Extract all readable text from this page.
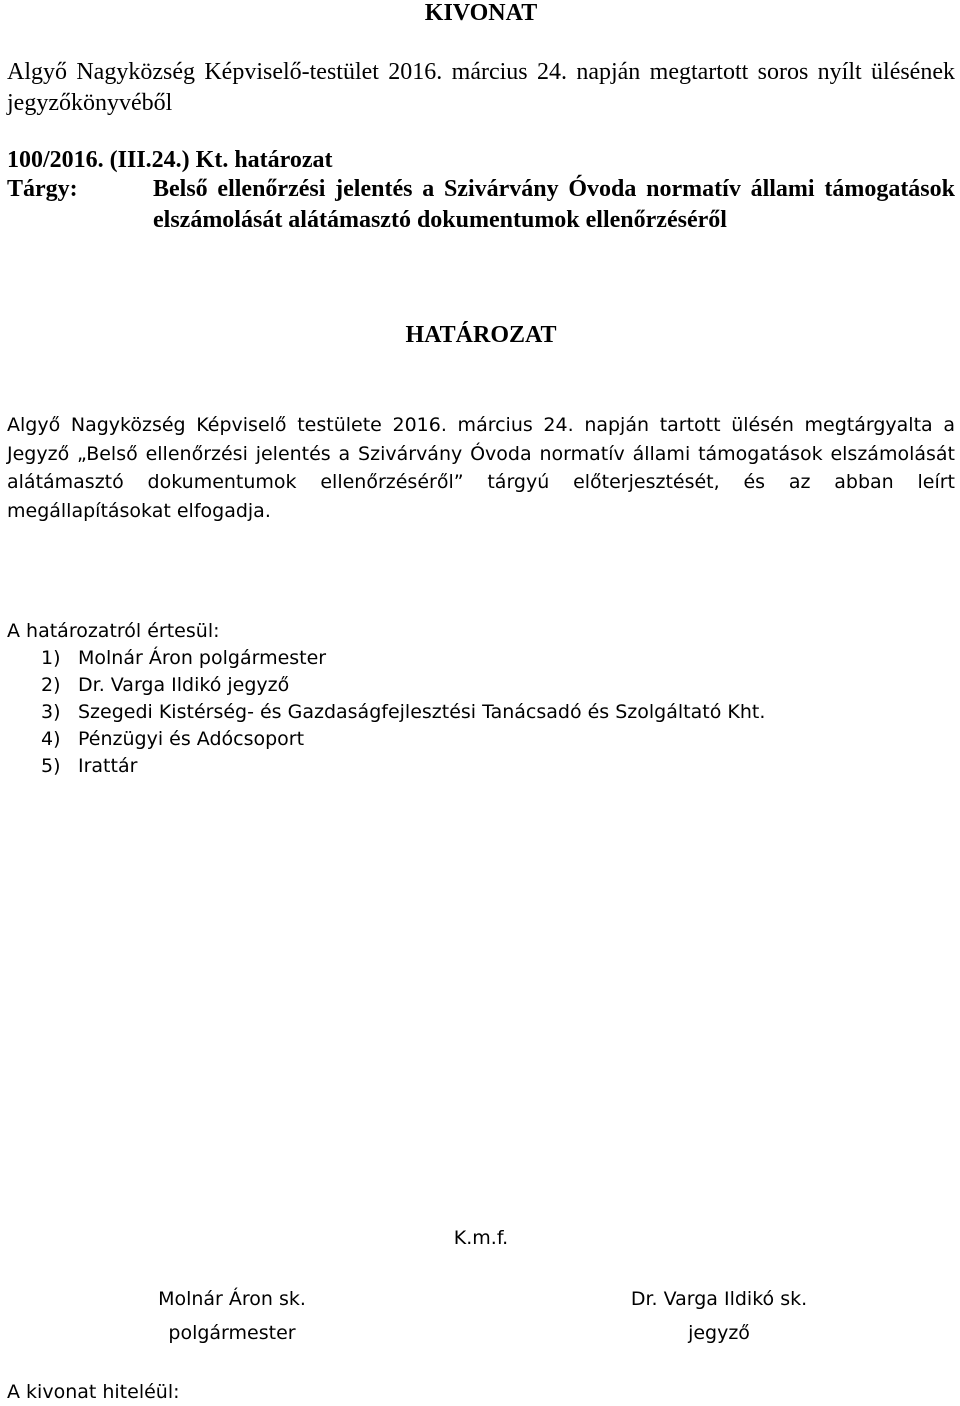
KIVONAT

Algyő Nagyközség Képviselő-testület 2016. március 24. napján megtartott soros nyílt ülésének jegyzőkönyvéből

100/2016. (III.24.) Kt. határozat
Tárgy:	Belső ellenőrzési jelentés a Szivárvány Óvoda normatív állami támogatások elszámolását alátámasztó dokumentumok ellenőrzéséről

HATÁROZAT

Algyő Nagyközség Képviselő testülete 2016. március 24. napján tartott ülésén megtárgyalta a Jegyző „Belső ellenőrzési jelentés a Szivárvány Óvoda normatív állami támogatások elszámolását alátámasztó dokumentumok ellenőrzéséről” tárgyú előterjesztését, és az abban leírt megállapításokat elfogadja.

A határozatról értesül:

1) Molnár Áron polgármester
2) Dr. Varga Ildikó jegyző
3) Szegedi Kistérség- és Gazdaságfejlesztési Tanácsadó és Szolgáltató Kht.
4) Pénzügyi és Adócsoport
5) Irattár
K.m.f.
Molnár Áron sk.
polgármester
Dr. Varga Ildikó sk.
jegyző
A kivonat hiteléül:
